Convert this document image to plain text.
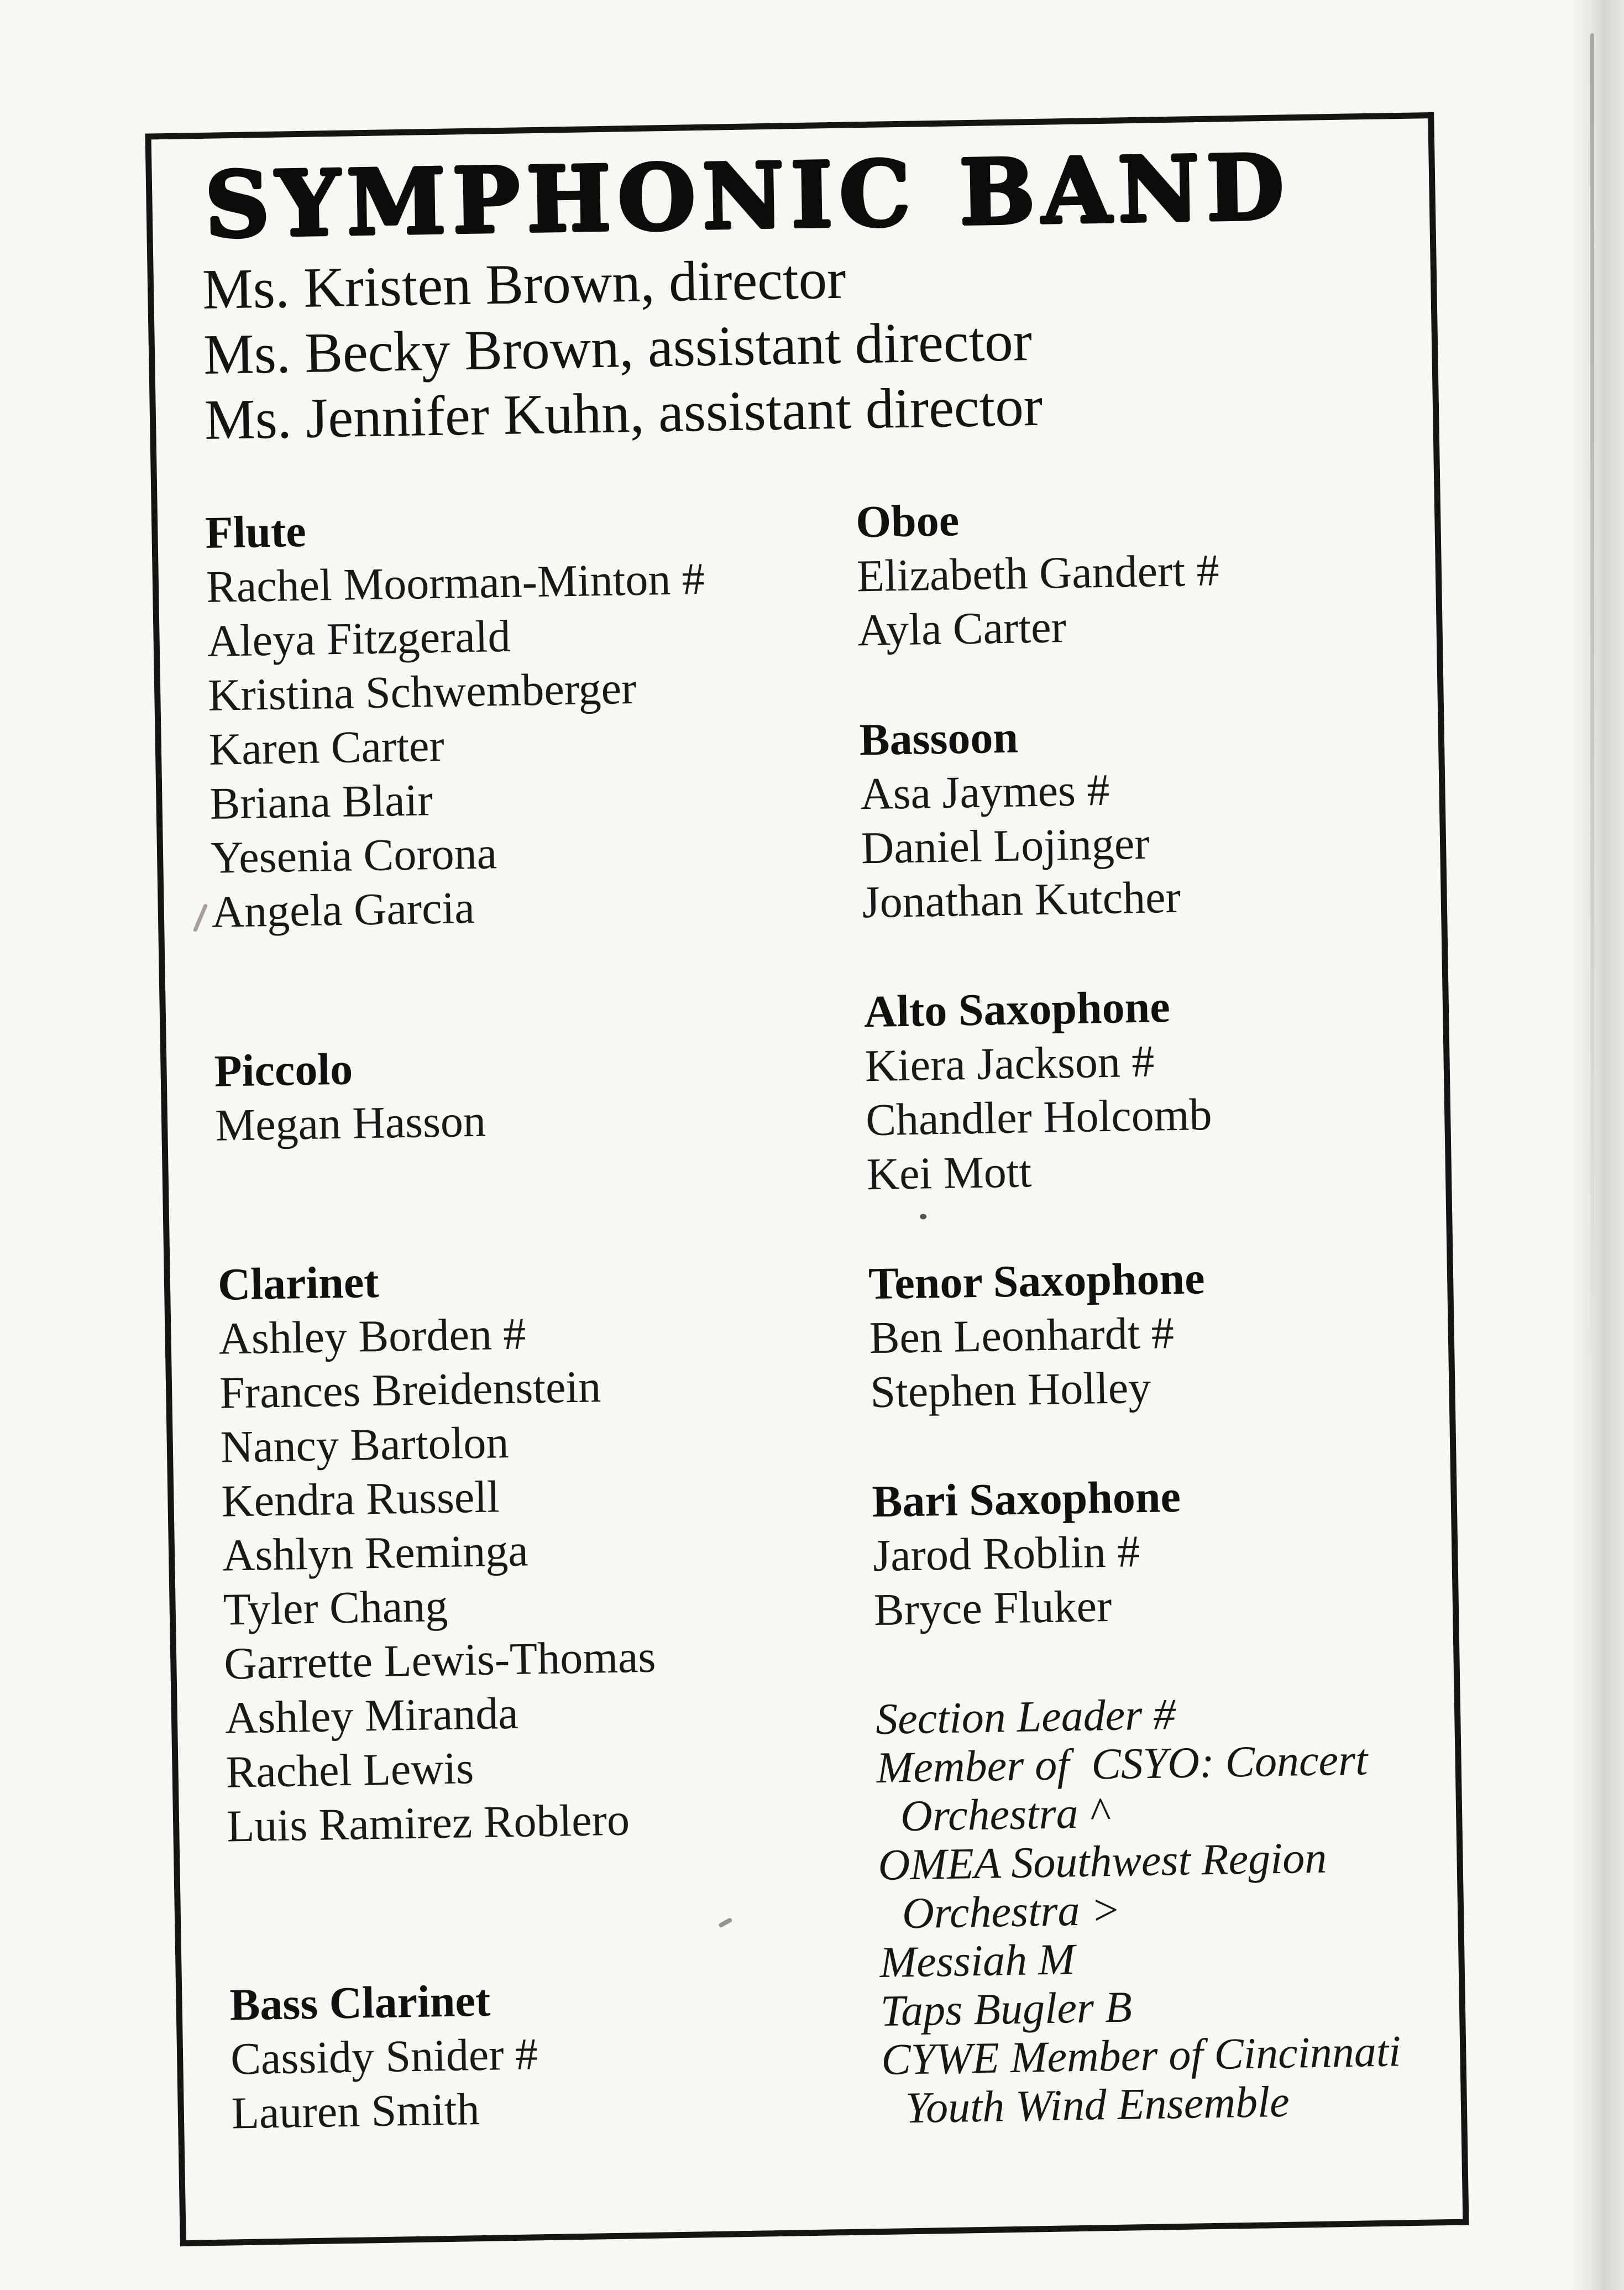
SYMPHONIC BAND
Ms. Kristen Brown, director
Ms. Becky Brown, assistant director
Ms. Jennifer Kuhn, assistant director
Flute
Rachel Moorman-Minton #
Aleya Fitzgerald
Kristina Schwemberger
Karen Carter
Briana Blair
Yesenia Corona
Angela Garcia
Piccolo
Megan Hasson
Clarinet
Ashley Borden #
Frances Breidenstein
Nancy Bartolon
Kendra Russell
Ashlyn Reminga
Tyler Chang
Garrette Lewis-Thomas
Ashley Miranda
Rachel Lewis
Luis Ramirez Roblero
Bass Clarinet
Cassidy Snider #
Lauren Smith
Oboe
Elizabeth Gandert #
Ayla Carter
Bassoon
Asa Jaymes #
Daniel Lojinger
Jonathan Kutcher
Alto Saxophone
Kiera Jackson #
Chandler Holcomb
Kei Mott
Tenor Saxophone
Ben Leonhardt #
Stephen Holley
Bari Saxophone
Jarod Roblin #
Bryce Fluker
Section Leader #
Member of  CSYO: Concert
Orchestra ^
OMEA Southwest Region
Orchestra >
Messiah M
Taps Bugler B
CYWE Member of Cincinnati
Youth Wind Ensemble
